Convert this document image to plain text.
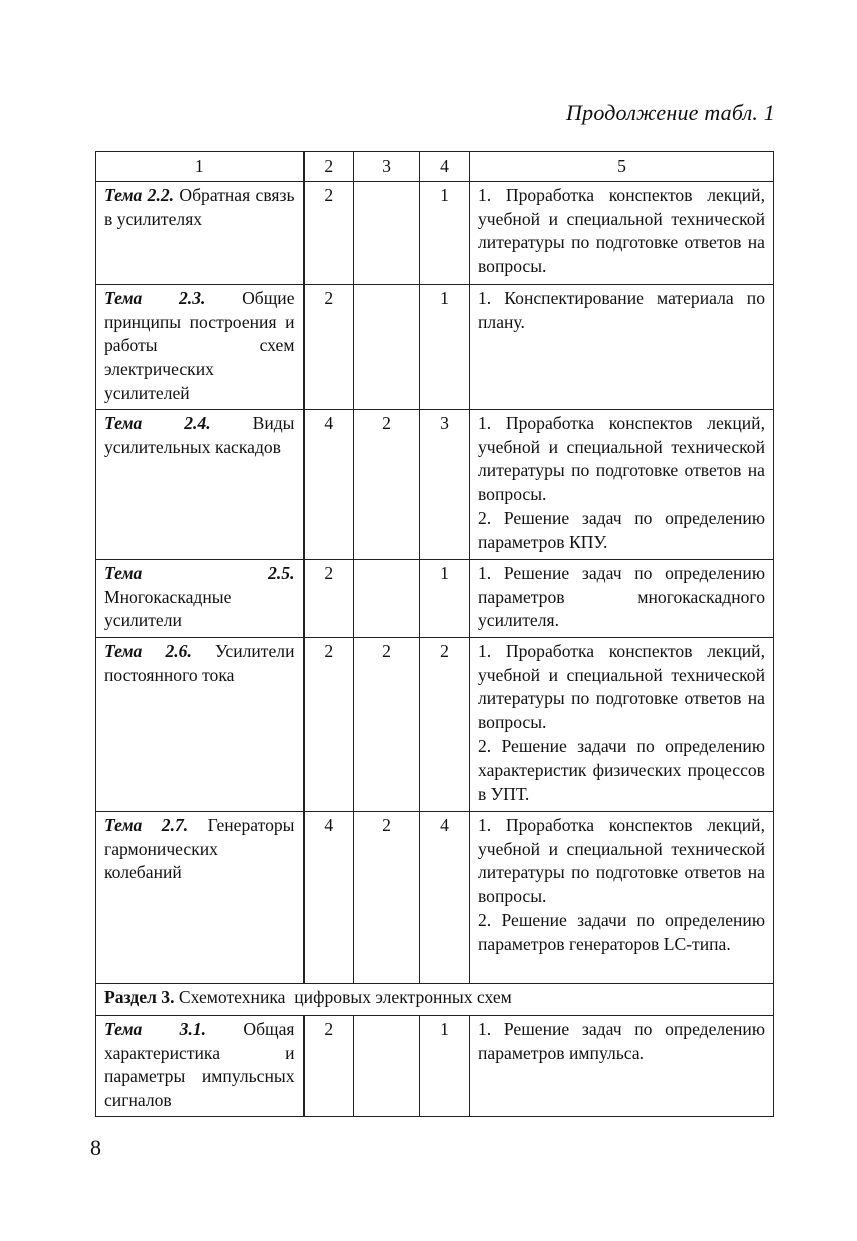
Продолжение табл. 1
1	2	3	4	5
Тема 2.2. Обратная связь в усилителях	2		1	1. Проработка конспектов лекций, учебной и специальной технической литературы по подготовке ответов на вопросы.

Тема 2.3. Общие принципы построения и работы схем электрических усилителей	2		1	1. Конспектирование материала по плану.

Тема 2.4. Виды усилительных каскадов	4	2	3	1. Проработка конспектов лекций, учебной и специальной технической литературы по подготовке ответов на вопросы.
2. Решение задач по определению параметров КПУ.

Тема 2.5. Многокаскадные усилители	2		1	1. Решение задач по определению параметров многокаскадного усилителя.

Тема 2.6. Усилители постоянного тока	2	2	2	1. Проработка конспектов лекций, учебной и специальной технической литературы по подготовке ответов на вопросы.
2. Решение задачи по определению характеристик физических процессов в УПТ.

Тема 2.7. Генераторы гармонических колебаний	4	2	4	1. Проработка конспектов лекций, учебной и специальной технической литературы по подготовке ответов на вопросы.
2. Решение задачи по определению параметров генераторов LC-типа.

Раздел 3. Схемотехника  цифровых электронных схем				
Тема 3.1. Общая характеристика и параметры импульсных сигналов	2		1	1. Решение задач по определению параметров импульса.
8
